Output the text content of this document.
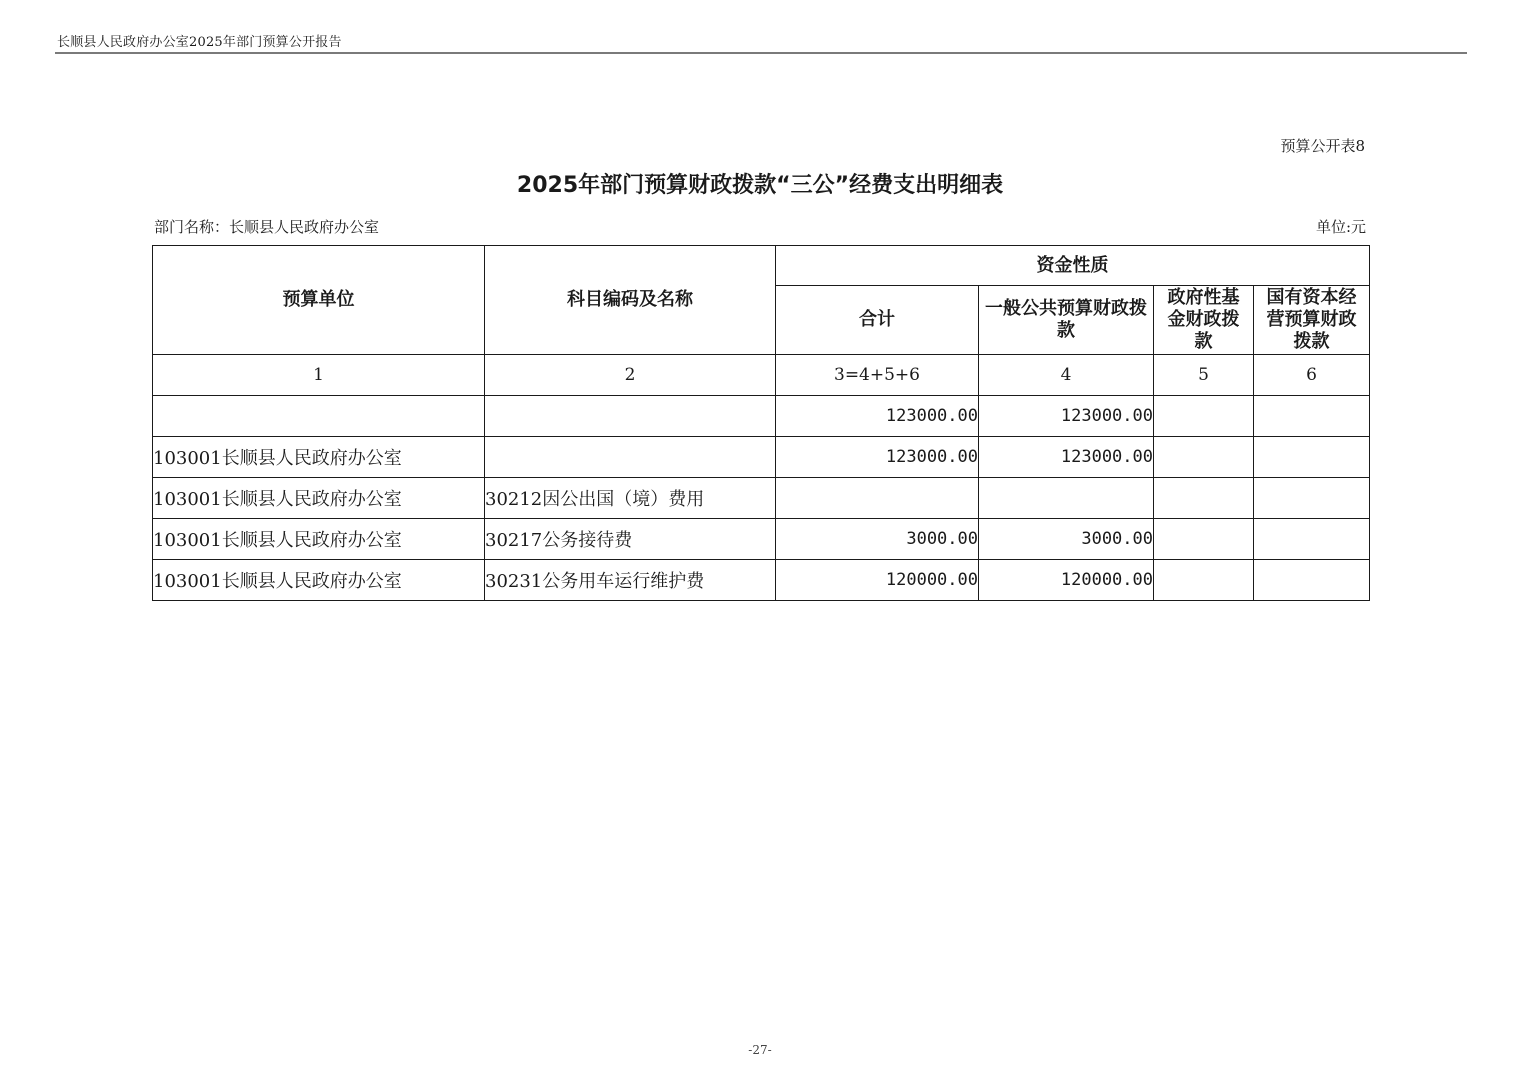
长顺县人民政府办公室2025年部门预算公开报告
预算公开表8
2025年部门预算财政拨款“三公”经费支出明细表
部门名称：长顺县人民政府办公室	单位:元
预算单位	科目编码及名称	资金性质			
		合计	一般公共预算财政拨款	政府性基金财政拨款	国有资本经营预算财政拨款
1	2	3=4+5+6	4	5	6
		123000.00	123000.00		
103001长顺县人民政府办公室		123000.00	123000.00		
103001长顺县人民政府办公室	30212因公出国（境）费用				
103001长顺县人民政府办公室	30217公务接待费	3000.00	3000.00		
103001长顺县人民政府办公室	30231公务用车运行维护费	120000.00	120000.00		
-27-
